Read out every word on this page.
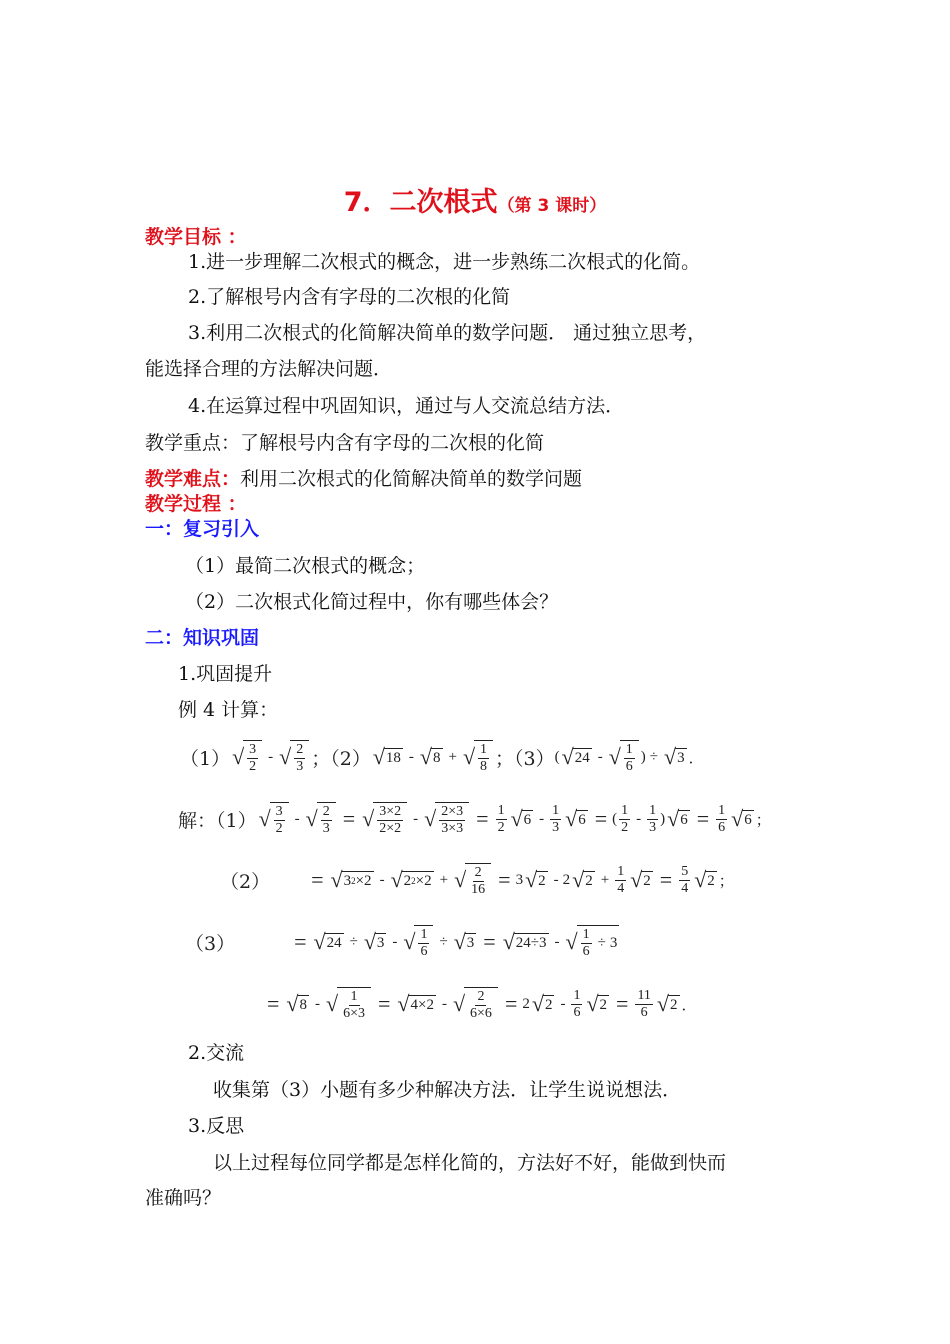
7．二次根式（第 3 课时）
教学目标 ：
1.进一步理解二次根式的概念，进一步熟练二次根式的化简。
2.了解根号内含有字母的二次根的化简
3.利用二次根式的化简解决简单的数学问题． 通过独立思考，
能选择合理的方法解决问题．
4.在运算过程中巩固知识，通过与人交流总结方法．
教学重点：了解根号内含有字母的二次根的化简
教学难点：利用二次根式的化简解决简单的数学问题
教学过程 ：
一：复习引入
（1）最简二次根式的概念；
（2）二次根式化简过程中，你有哪些体会？
二：知识巩固
1.巩固提升
例 4 计算：
（1） √ $\frac{3}{2}$ - √ $\frac{2}{3}$ ；（2） √ 18 - √ 8 + √ $\frac{1}{8}$ ；（3） ( √ 24 - √ $\frac{1}{6}$ ) ÷ √ 3 ．
解：（1） √ $\frac{3}{2}$ - √ $\frac{2}{3}$ = √ $\frac{3\times 2}{2\times 2}$ - √ $\frac{2\times 3}{3\times 3} = \frac{1}{2}$ √ $6 - \frac{1}{3}$ √ 6 = ( $\frac{1}{2} - \frac{1}{3}$ ) √ $6 = \frac{1}{6}$ √ 6 ；
（2） = √ 3 2 ×2 - √ 2 2 ×2 + √ $\frac{2}{16} = 3$ √ 2 - 2 √ $2 + \frac{1}{4}$ √ $2 = \frac{5}{4}$ √ 2 ；
（3）	= √ 24 ÷ √ 3 - √ $\frac{1}{6}$ ÷ √ 3 = √ 24÷3 - √ $\frac{1}{6} \div 3$
= √ 8 - √ $\frac{1}{6\times 3}$ = √ 4×2 - √ $\frac{2}{6\times 6} = 2$ √ $2 - \frac{1}{6}$ √ $2 = \frac{11}{6}$ √ 2 ．
2.交流
收集第（3）小题有多少种解决方法．让学生说说想法．
3.反思
以上过程每位同学都是怎样化简的，方法好不好，能做到快而
准确吗？
